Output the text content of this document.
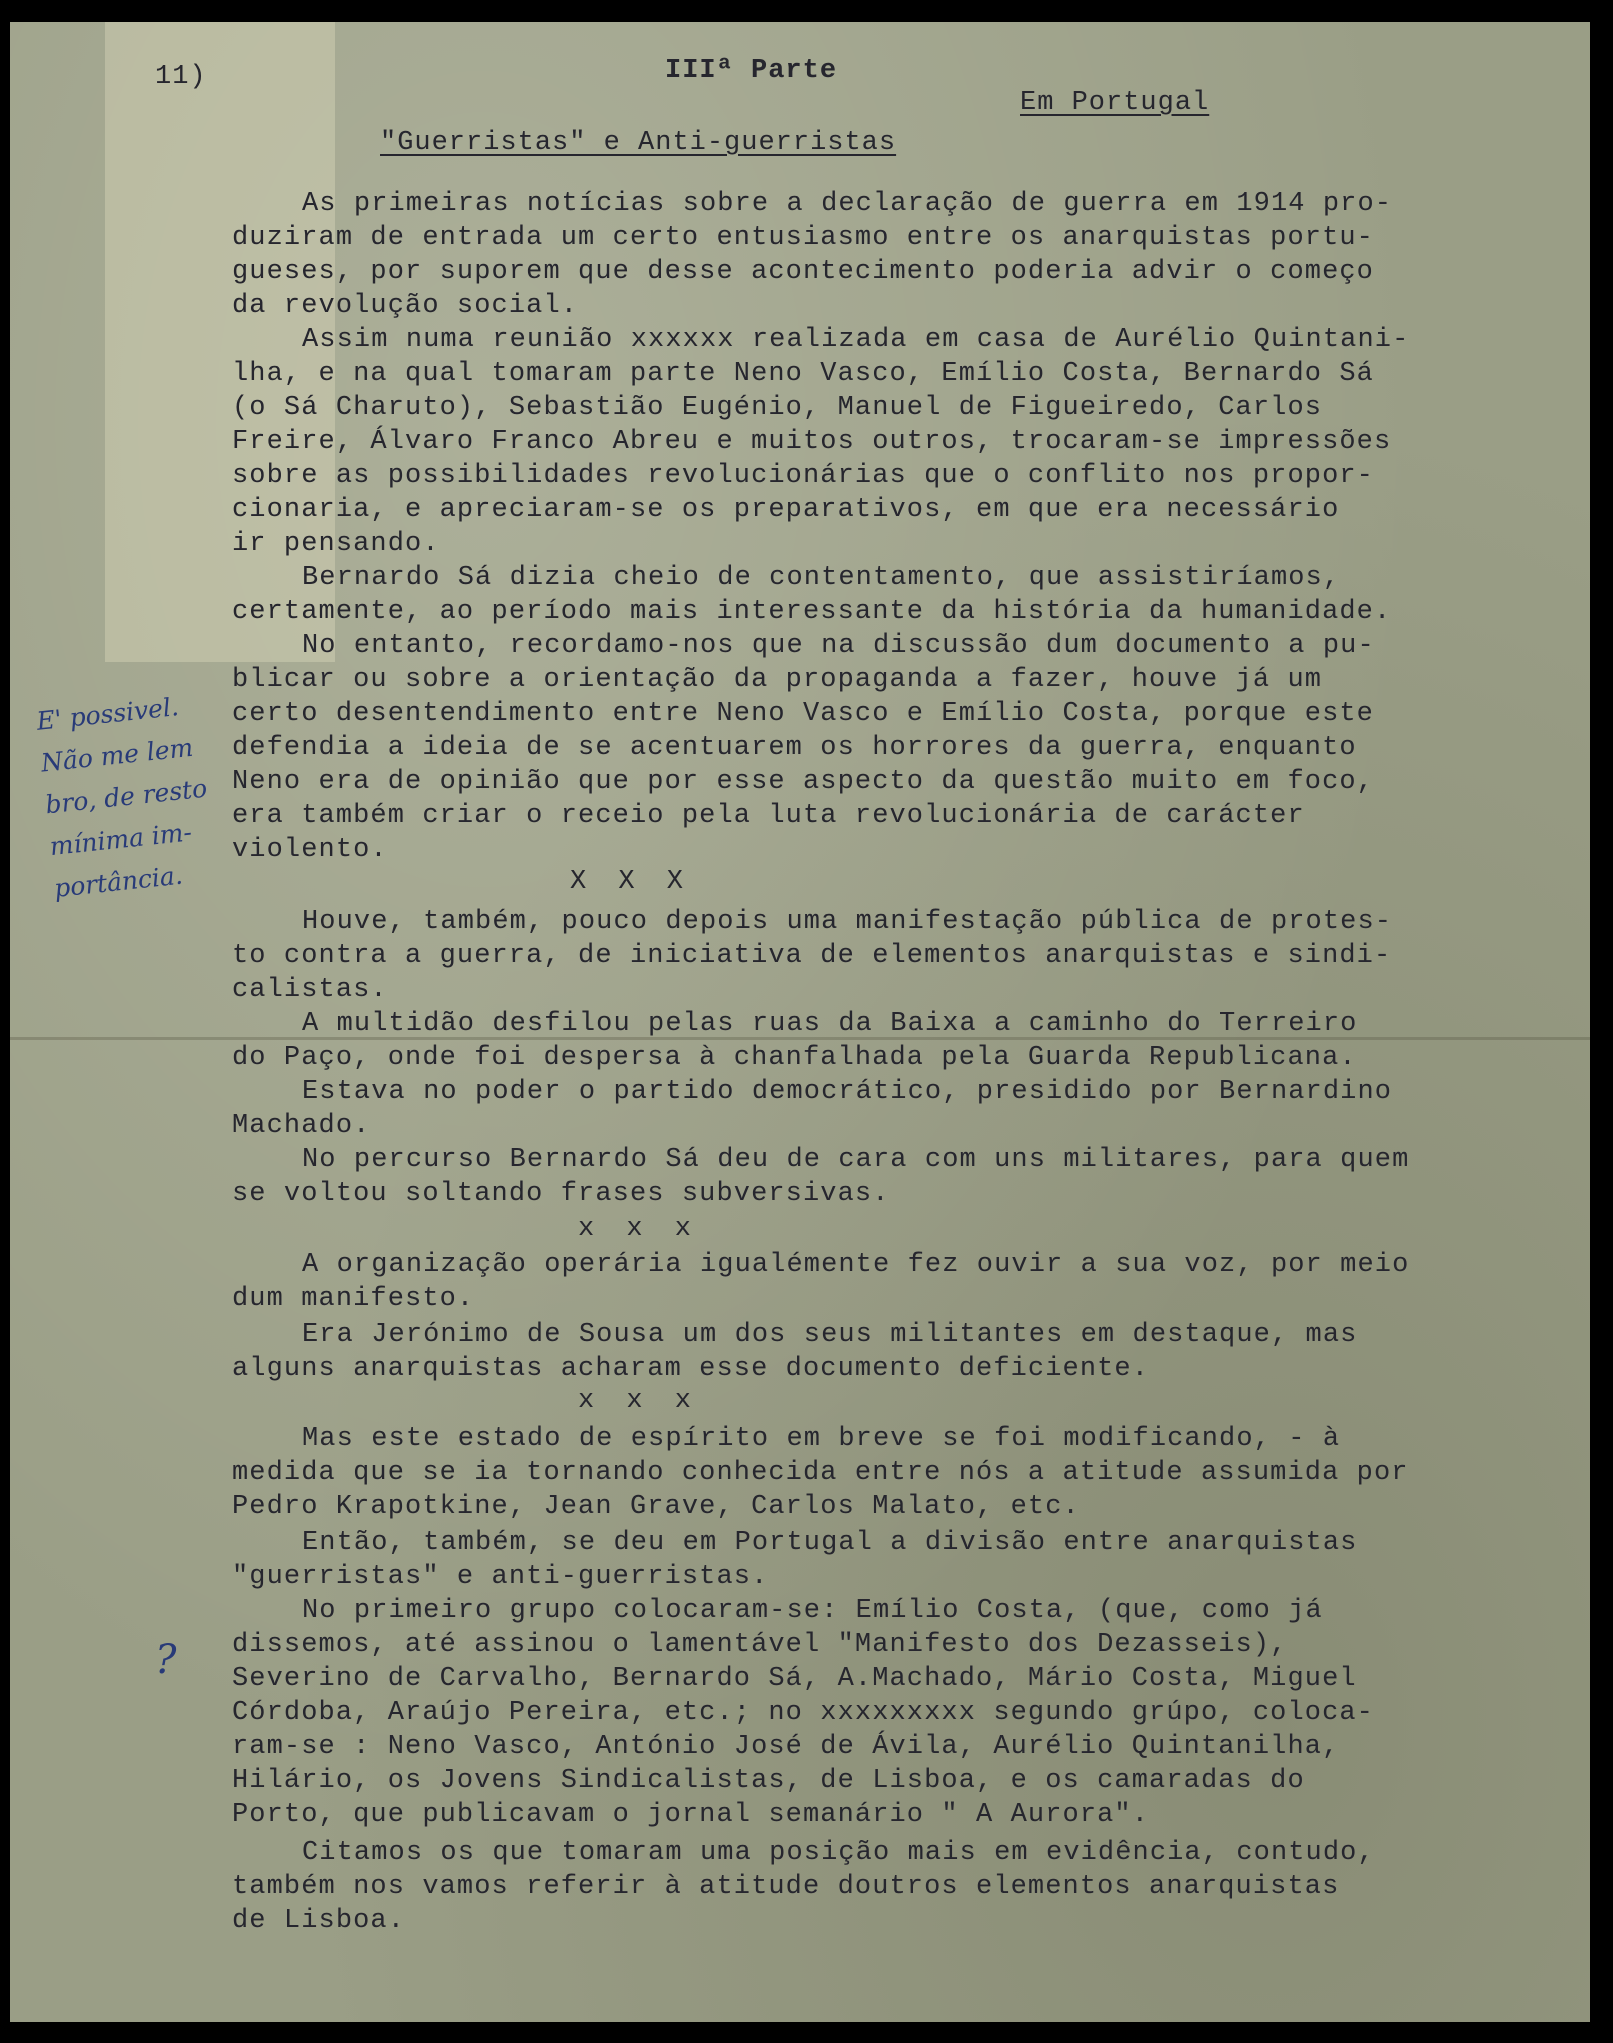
11)	IIIª Parte
Em Portugal
"Guerristas" e Anti-guerristas
As primeiras notícias sobre a declaração de guerra em 1914 pro-
duziram de entrada um certo entusiasmo entre os anarquistas portu-
gueses, por suporem que desse acontecimento poderia advir o começo
da revolução social.
Assim numa reunião xxxxxx realizada em casa de Aurélio Quintani-
lha, e na qual tomaram parte Neno Vasco, Emílio Costa, Bernardo Sá
(o Sá Charuto), Sebastião Eugénio, Manuel de Figueiredo, Carlos
Freire, Álvaro Franco Abreu e muitos outros, trocaram-se impressões
sobre as possibilidades revolucionárias que o conflito nos propor-
cionaria, e apreciaram-se os preparativos, em que era necessário
ir pensando.
Bernardo Sá dizia cheio de contentamento, que assistiríamos,
certamente, ao período mais interessante da história da humanidade.
No entanto, recordamo-nos que na discussão dum documento a pu-
blicar ou sobre a orientação da propaganda a fazer, houve já um
certo desentendimento entre Neno Vasco e Emílio Costa, porque este
defendia a ideia de se acentuarem os horrores da guerra, enquanto
Neno era de opinião que por esse aspecto da questão muito em foco,
era também criar o receio pela luta revolucionária de carácter
violento.
X X X
Houve, também, pouco depois uma manifestação pública de protes-
to contra a guerra, de iniciativa de elementos anarquistas e sindi-
calistas.
A multidão desfilou pelas ruas da Baixa a caminho do Terreiro
do Paço, onde foi despersa à chanfalhada pela Guarda Republicana.
Estava no poder o partido democrático, presidido por Bernardino
Machado.
No percurso Bernardo Sá deu de cara com uns militares, para quem
se voltou soltando frases subversivas.
x x x
A organização operária igualémente fez ouvir a sua voz, por meio
dum manifesto.
Era Jerónimo de Sousa um dos seus militantes em destaque, mas
alguns anarquistas acharam esse documento deficiente.
x x x
Mas este estado de espírito em breve se foi modificando, - à
medida que se ia tornando conhecida entre nós a atitude assumida por
Pedro Krapotkine, Jean Grave, Carlos Malato, etc.
Então, também, se deu em Portugal a divisão entre anarquistas
"guerristas" e anti-guerristas.
No primeiro grupo colocaram-se: Emílio Costa, (que, como já
dissemos, até assinou o lamentável "Manifesto dos Dezasseis),
Severino de Carvalho, Bernardo Sá, A.Machado, Mário Costa, Miguel
Córdoba, Araújo Pereira, etc.; no xxxxxxxxx segundo grúpo, coloca-
ram-se : Neno Vasco, António José de Ávila, Aurélio Quintanilha,
Hilário, os Jovens Sindicalistas, de Lisboa, e os camaradas do
Porto, que publicavam o jornal semanário " A Aurora".
Citamos os que tomaram uma posição mais em evidência, contudo,
também nos vamos referir à atitude doutros elementos anarquistas
de Lisboa.
E' possivel.
Não me lem
bro, de resto
mínima im-
portância.
?
